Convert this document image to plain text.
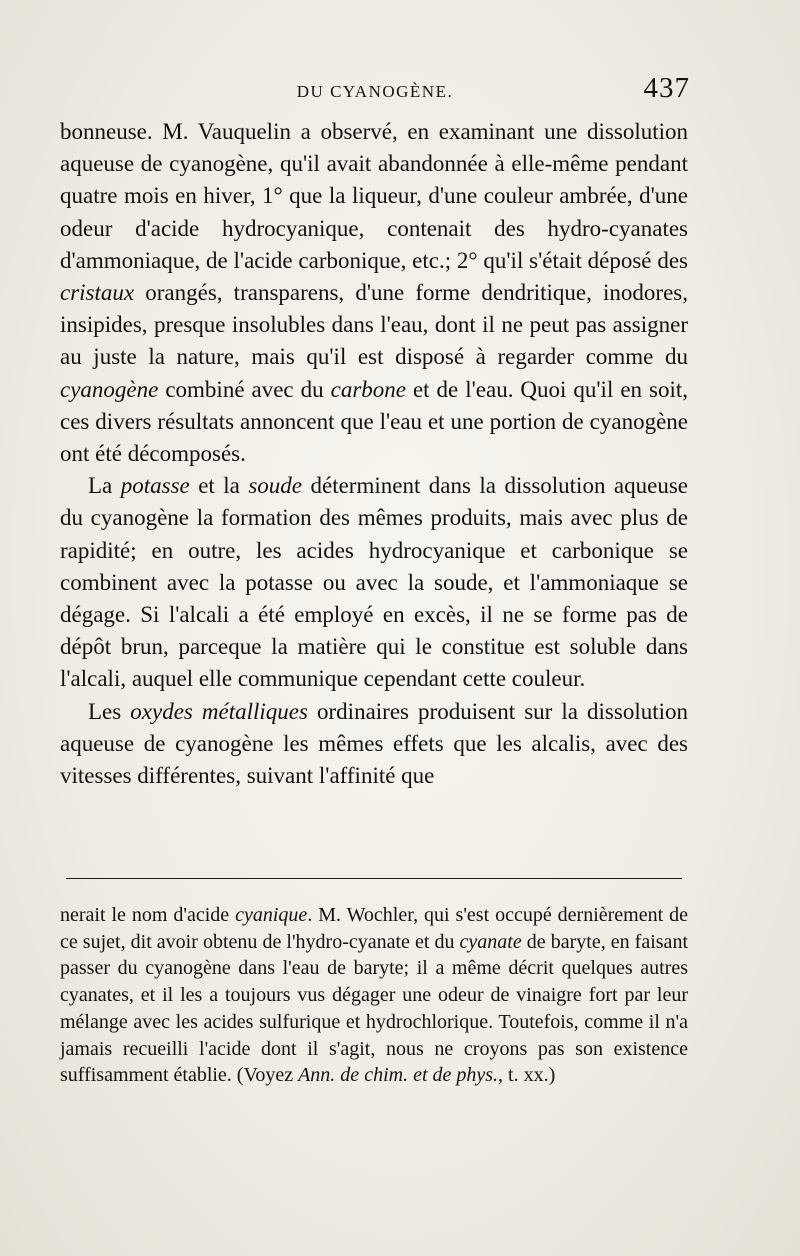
DU CYANOGÈNE.	437

bonneuse. M. Vauquelin a observé, en examinant une dissolution aqueuse de cyanogène, qu'il avait abandonnée à elle-même pendant quatre mois en hiver, 1° que la liqueur, d'une couleur ambrée, d'une odeur d'acide hydrocyanique, contenait des hydro-cyanates d'ammoniaque, de l'acide carbonique, etc.; 2° qu'il s'était déposé des cristaux orangés, transparens, d'une forme dendritique, inodores, insipides, presque insolubles dans l'eau, dont il ne peut pas assigner au juste la nature, mais qu'il est disposé à regarder comme du cyanogène combiné avec du carbone et de l'eau. Quoi qu'il en soit, ces divers résultats annoncent que l'eau et une portion de cyanogène ont été décomposés.

La potasse et la soude déterminent dans la dissolution aqueuse du cyanogène la formation des mêmes produits, mais avec plus de rapidité; en outre, les acides hydrocyanique et carbonique se combinent avec la potasse ou avec la soude, et l'ammoniaque se dégage. Si l'alcali a été employé en excès, il ne se forme pas de dépôt brun, parceque la matière qui le constitue est soluble dans l'alcali, auquel elle communique cependant cette couleur.

Les oxydes métalliques ordinaires produisent sur la dissolution aqueuse de cyanogène les mêmes effets que les alcalis, avec des vitesses différentes, suivant l'affinité que

nerait le nom d'acide cyanique. M. Wochler, qui s'est occupé dernièrement de ce sujet, dit avoir obtenu de l'hydro-cyanate et du cyanate de baryte, en faisant passer du cyanogène dans l'eau de baryte; il a même décrit quelques autres cyanates, et il les a toujours vus dégager une odeur de vinaigre fort par leur mélange avec les acides sulfurique et hydrochlorique. Toutefois, comme il n'a jamais recueilli l'acide dont il s'agit, nous ne croyons pas son existence suffisamment établie. (Voyez Ann. de chim. et de phys., t. xx.)
